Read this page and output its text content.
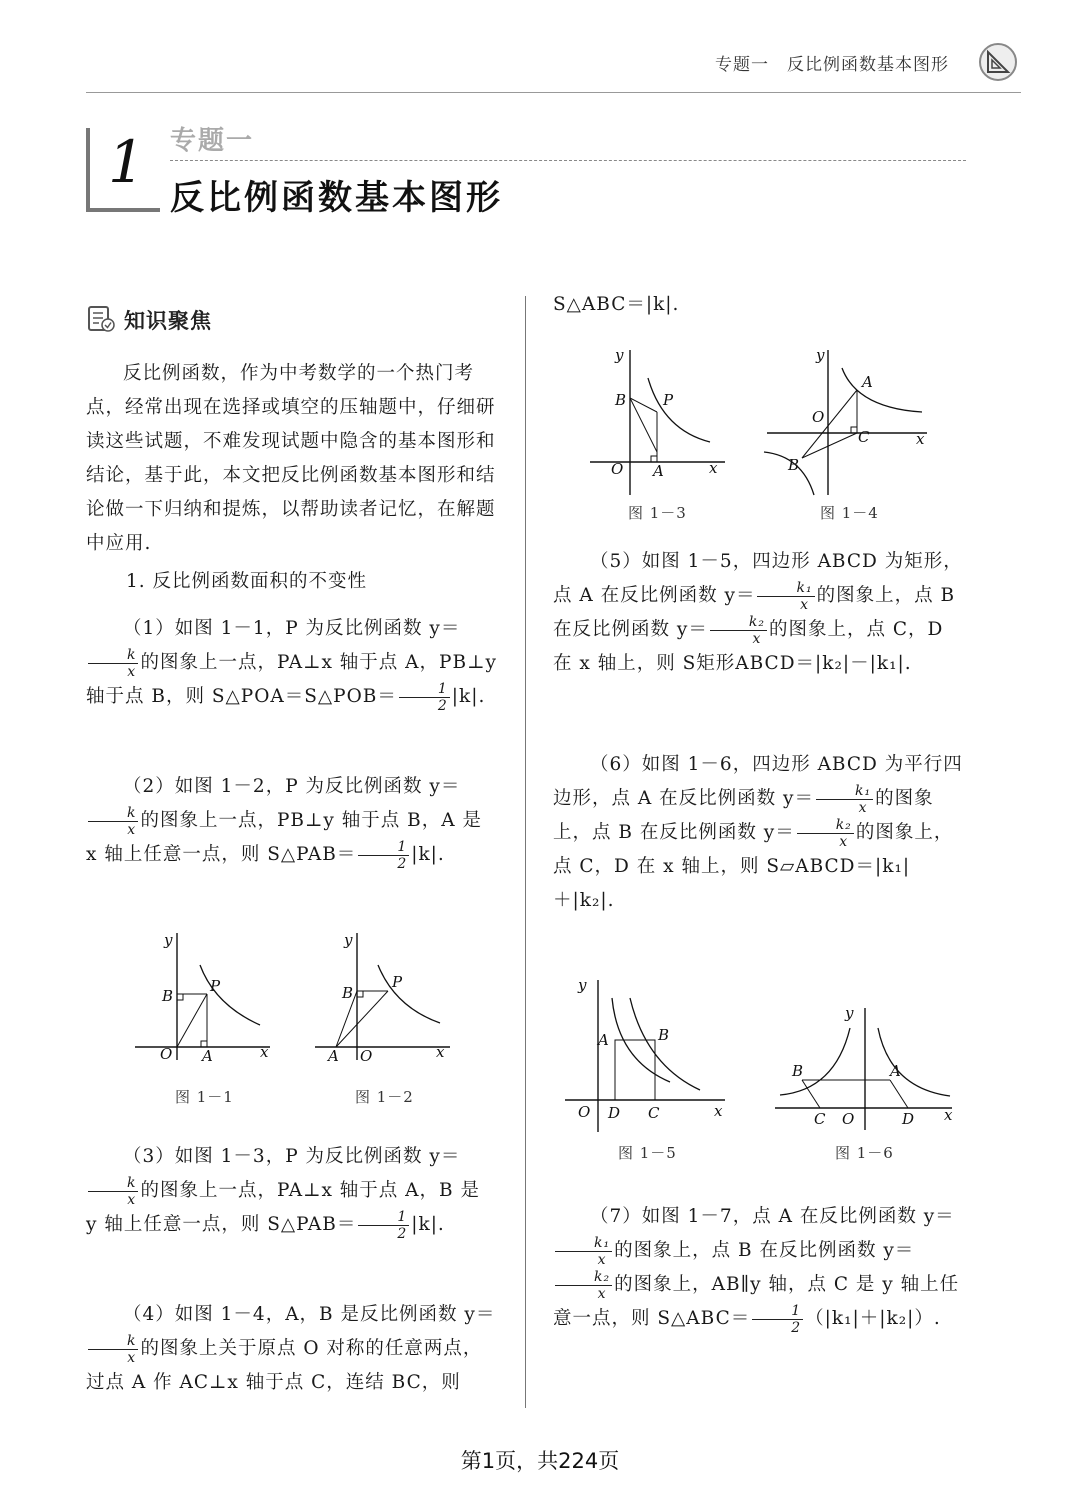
专题一　反比例函数基本图形
1 专题一
反比例函数基本图形
知识聚焦

反比例函数，作为中考数学的一个热门考点，经常出现在选择或填空的压轴题中，仔细研读这些试题，不难发现试题中隐含的基本图形和结论，基于此，本文把反比例函数基本图形和结论做一下归纳和提炼，以帮助读者记忆，在解题中应用.

1. 反比例函数面积的不变性

（1）如图 1－1，P 为反比例函数 y＝
$\frac{k}{x}$ 的图象上一点，PA⊥x 轴于点 A，PB⊥y 轴于点 B，则 S△POA＝S△POB＝ $\frac{1}{2} |k|$.

（2）如图 1－2，P 为反比例函数 y＝
$\frac{k}{x}$ 的图象上一点，PB⊥y 轴于点 B，A 是 x 轴上任意一点，则 S△PAB＝ $\frac{1}{2} |k|$.

y
x
O A
B
P
图 1－1
y
x
O
A
B
P
图 1－2

（3）如图 1－3，P 为反比例函数 y＝
$\frac{k}{x}$ 的图象上一点，PA⊥x 轴于点 A，B 是 y 轴上任意一点，则 S△PAB＝ $\frac{1}{2} |k|$.

（4）如图 1－4，A，B 是反比例函数 y＝
$\frac{k}{x}$ 的图象上关于原点 O 对称的任意两点，过点 A 作 AC⊥x 轴于点 C，连结 BC，则

S△ABC＝|k|.
y
x
O A
B P
图 1－3
y
x
O
A
B
C
图 1－4

（5）如图 1－5，四边形 ABCD 为矩形，点 A 在反比例函数 $y= \frac{\text{k₁}}{x}$ 的图象上，点 B 在反比例函数 $y= \frac{\text{k₂}}{x}$ 的图象上，点 C，D 在 x 轴上，则 S矩形ABCD＝|k₂|－|k₁|.

（6）如图 1－6，四边形 ABCD 为平行四边形，点 A 在反比例函数 $y= \frac{\text{k₁}}{x}$ 的图象上，点 B 在反比例函数 $y= \frac{\text{k₂}}{x}$ 的图象上，点 C，D 在 x 轴上，则 S▱ABCD＝|k₁|＋|k₂|.

y
x
O
A	B
D C
图 1－5
y
x
B	A
C O	D
图 1－6

（7）如图 1－7，点 A 在反比例函数 y＝
$\frac{\text{k₁}}{x}$ 的图象上，点 B 在反比例函数 y＝
$\frac{\text{k₂}}{x}$ 的图象上，AB∥y 轴，点 C 是 y 轴上任意一点，则 S△ABC＝ $\frac{1}{2} (|k_1|+|k_2|)$.

第1页，共224页
